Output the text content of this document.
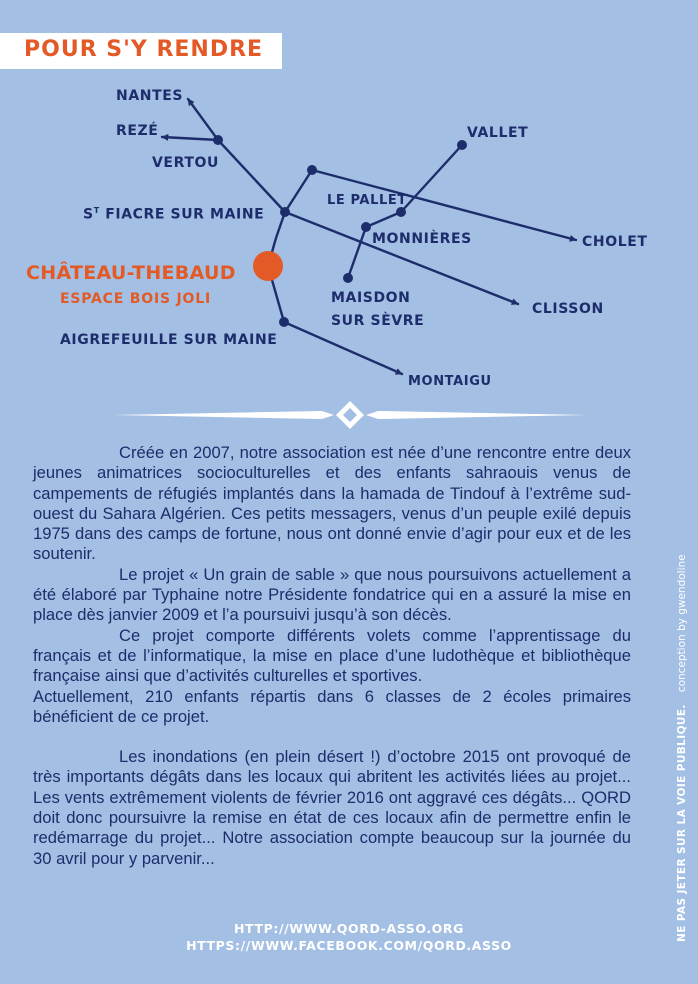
POUR S'Y RENDRE
NANTES
REZÉ
VERTOU
VALLET
$S^T$ FIACRE SUR MAINE
LE PALLET
MONNIÈRES	CHOLET
CHÂTEAU-THEBAUD
ESPACE BOIS JOLI	MAISDON
SUR SÈVRE
CLISSON
AIGREFEUILLE SUR MAINE
MONTAIGU

Créée en 2007, notre association est née d’une rencontre entre deux jeunes animatrices socioculturelles et des enfants sahraouis venus de campements de réfugiés implantés dans la hamada de Tindouf à l’extrême sud-ouest du Sahara Algérien. Ces petits messagers, venus d’un peuple exilé depuis 1975 dans des camps de fortune, nous ont donné envie d’agir pour eux et de les soutenir.

Le projet « Un grain de sable » que nous poursuivons actuellement a été élaboré par Typhaine notre Présidente fondatrice qui en a assuré la mise en place dès janvier 2009 et l’a poursuivi jusqu’à son décès.

Ce projet comporte différents volets comme l’apprentissage du français et de l’informatique, la mise en place d’une ludothèque et bibliothèque française ainsi que d’activités culturelles et sportives.

Actuellement, 210 enfants répartis dans 6 classes de 2 écoles primaires bénéficient de ce projet.

Les inondations (en plein désert !) d’octobre 2015 ont provoqué de très importants dégâts dans les locaux qui abritent les activités liées au projet... Les vents extrêmement violents de février 2016 ont aggravé ces dégâts... QORD doit donc poursuivre la remise en état de ces locaux afin de permettre enfin le redémarrage du projet... Notre association compte beaucoup sur la journée du 30 avril pour y parvenir...

HTTP://WWW.QORD-ASSO.ORG
HTTPS://WWW.FACEBOOK.COM/QORD.ASSO
NE PAS JETER SUR LA VOIE PUBLIQUE.conception by gwendoline
